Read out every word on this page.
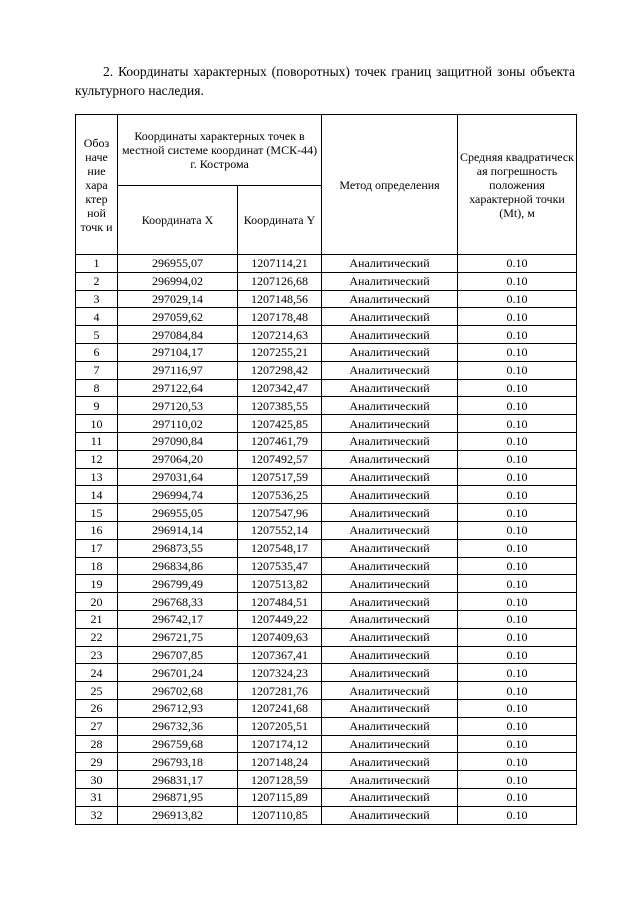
2. Координаты характерных (поворотных) точек границ защитной зоны объекта культурного наследия.
Обоз наче ние хара ктер ной точк и	Координаты характерных точек в местной системе координат (МСК-44) г. Кострома		Метод определения	Средняя квадратическ ая погрешность положения характерной точки (Mt), м
	Координата X	Координата Y		
1	296955,07	1207114,21	Аналитический	0.10
2	296994,02	1207126,68	Аналитический	0.10
3	297029,14	1207148,56	Аналитический	0.10
4	297059,62	1207178,48	Аналитический	0.10
5	297084,84	1207214,63	Аналитический	0.10
6	297104,17	1207255,21	Аналитический	0.10
7	297116,97	1207298,42	Аналитический	0.10
8	297122,64	1207342,47	Аналитический	0.10
9	297120,53	1207385,55	Аналитический	0.10
10	297110,02	1207425,85	Аналитический	0.10
11	297090,84	1207461,79	Аналитический	0.10
12	297064,20	1207492,57	Аналитический	0.10
13	297031,64	1207517,59	Аналитический	0.10
14	296994,74	1207536,25	Аналитический	0.10
15	296955,05	1207547,96	Аналитический	0.10
16	296914,14	1207552,14	Аналитический	0.10
17	296873,55	1207548,17	Аналитический	0.10
18	296834,86	1207535,47	Аналитический	0.10
19	296799,49	1207513,82	Аналитический	0.10
20	296768,33	1207484,51	Аналитический	0.10
21	296742,17	1207449,22	Аналитический	0.10
22	296721,75	1207409,63	Аналитический	0.10
23	296707,85	1207367,41	Аналитический	0.10
24	296701,24	1207324,23	Аналитический	0.10
25	296702,68	1207281,76	Аналитический	0.10
26	296712,93	1207241,68	Аналитический	0.10
27	296732,36	1207205,51	Аналитический	0.10
28	296759,68	1207174,12	Аналитический	0.10
29	296793,18	1207148,24	Аналитический	0.10
30	296831,17	1207128,59	Аналитический	0.10
31	296871,95	1207115,89	Аналитический	0.10
32	296913,82	1207110,85	Аналитический	0.10
